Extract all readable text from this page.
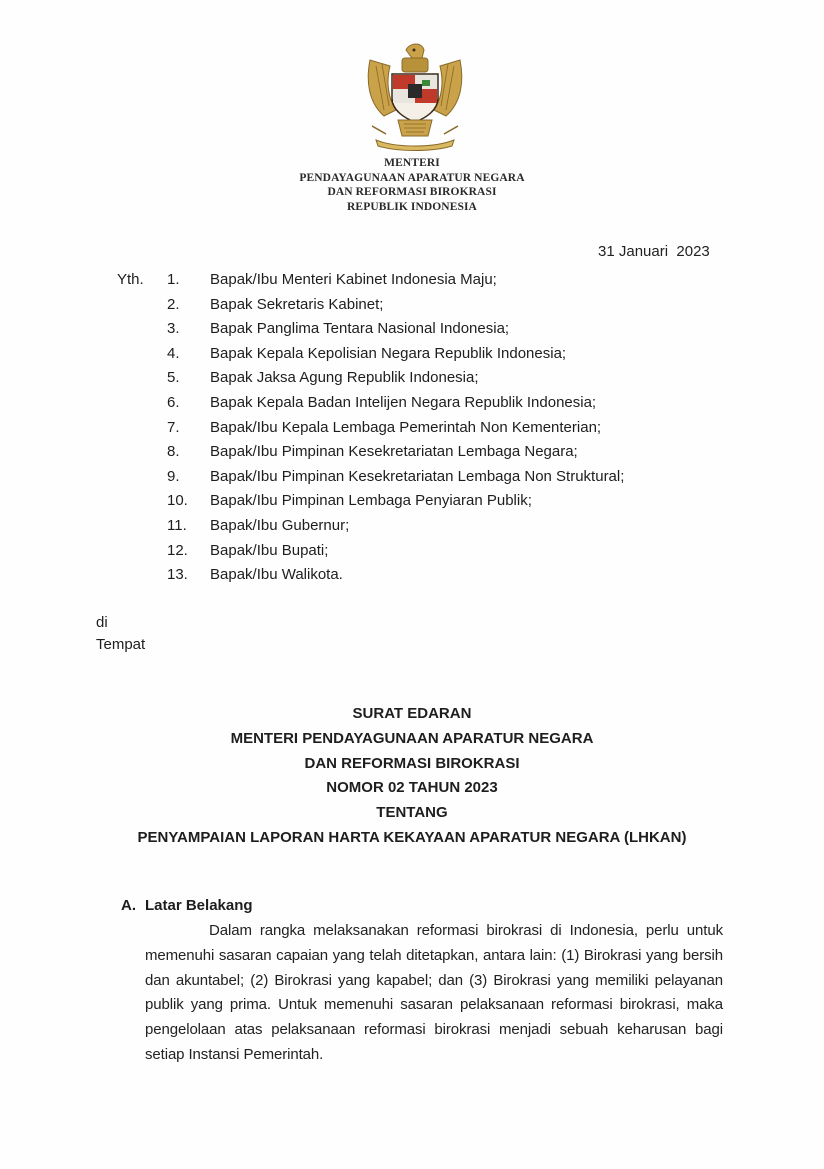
MENTERI
PENDAYAGUNAAN APARATUR NEGARA
DAN REFORMASI BIROKRASI
REPUBLIK INDONESIA
31 Januari  2023
Yth. 1. Bapak/Ibu Menteri Kabinet Indonesia Maju;
2. Bapak Sekretaris Kabinet;
3. Bapak Panglima Tentara Nasional Indonesia;
4. Bapak Kepala Kepolisian Negara Republik Indonesia;
5. Bapak Jaksa Agung Republik Indonesia;
6. Bapak Kepala Badan Intelijen Negara Republik Indonesia;
7. Bapak/Ibu Kepala Lembaga Pemerintah Non Kementerian;
8. Bapak/Ibu Pimpinan Kesekretariatan Lembaga Negara;
9. Bapak/Ibu Pimpinan Kesekretariatan Lembaga Non Struktural;
10. Bapak/Ibu Pimpinan Lembaga Penyiaran Publik;
11. Bapak/Ibu Gubernur;
12. Bapak/Ibu Bupati;
13. Bapak/Ibu Walikota.
di
Tempat
SURAT EDARAN
MENTERI PENDAYAGUNAAN APARATUR NEGARA
DAN REFORMASI BIROKRASI
NOMOR 02 TAHUN 2023
TENTANG
PENYAMPAIAN LAPORAN HARTA KEKAYAAN APARATUR NEGARA (LHKAN)
A. Latar Belakang
Dalam rangka melaksanakan reformasi birokrasi di Indonesia, perlu untuk memenuhi sasaran capaian yang telah ditetapkan, antara lain: (1) Birokrasi yang bersih dan akuntabel; (2) Birokrasi yang kapabel; dan (3) Birokrasi yang memiliki pelayanan publik yang prima. Untuk memenuhi sasaran pelaksanaan reformasi birokrasi, maka pengelolaan atas pelaksanaan reformasi birokrasi menjadi sebuah keharusan bagi setiap Instansi Pemerintah.
